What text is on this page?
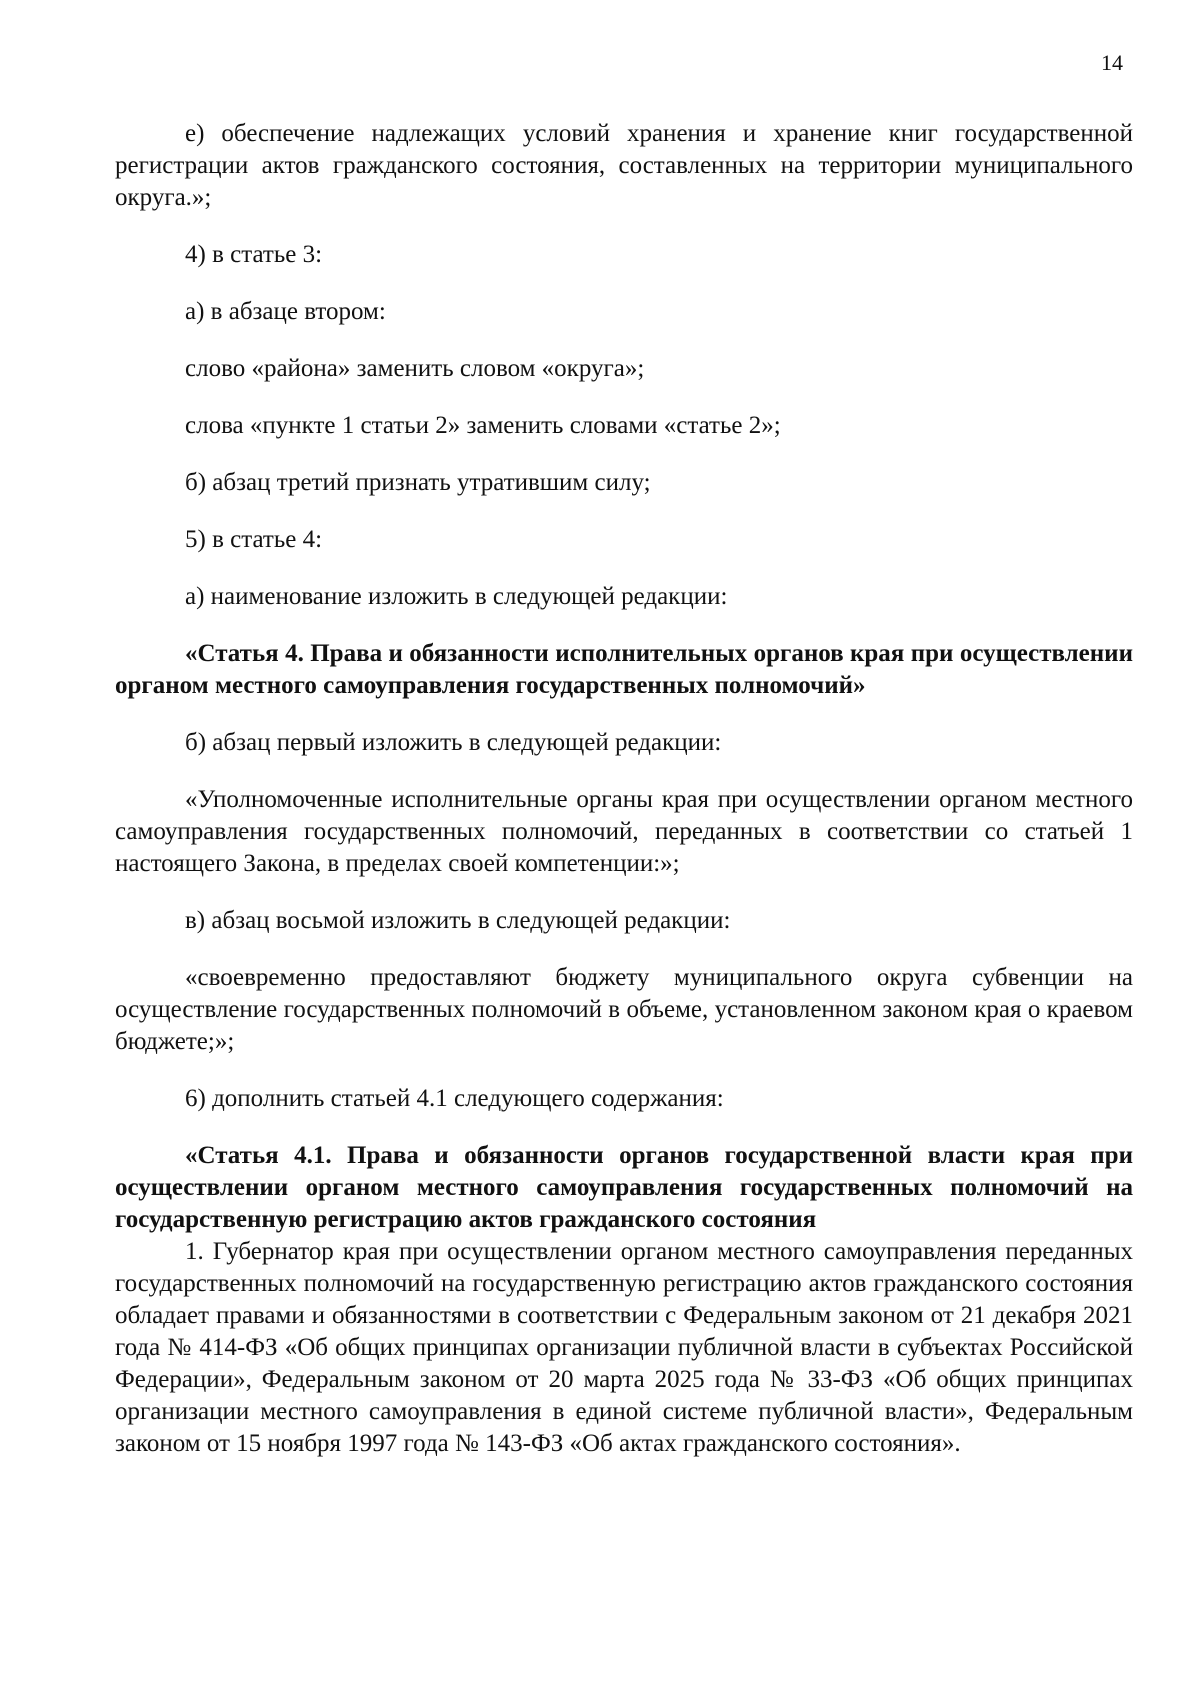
14

е) обеспечение надлежащих условий хранения и хранение книг государственной регистрации актов гражданского состояния, составленных на территории муниципального округа.»;

4) в статье 3:

а) в абзаце втором:

слово «района» заменить словом «округа»;

слова «пункте 1 статьи 2» заменить словами «статье 2»;

б) абзац третий признать утратившим силу;

5) в статье 4:

а) наименование изложить в следующей редакции:

«Статья 4. Права и обязанности исполнительных органов края при осуществлении органом местного самоуправления государственных полномочий»

б) абзац первый изложить в следующей редакции:

«Уполномоченные исполнительные органы края при осуществлении органом местного самоуправления государственных полномочий, переданных в соответствии со статьей 1 настоящего Закона, в пределах своей компетенции:»;

в) абзац восьмой изложить в следующей редакции:

«своевременно предоставляют бюджету муниципального округа субвенции на осуществление государственных полномочий в объеме, установленном законом края о краевом бюджете;»;

6) дополнить статьей 4.1 следующего содержания:

«Статья 4.1. Права и обязанности органов государственной власти края при осуществлении органом местного самоуправления государственных полномочий на государственную регистрацию актов гражданского состояния

1. Губернатор края при осуществлении органом местного самоуправления переданных государственных полномочий на государственную регистрацию актов гражданского состояния обладает правами и обязанностями в соответствии с Федеральным законом от 21 декабря 2021 года № 414-ФЗ «Об общих принципах организации публичной власти в субъектах Российской Федерации», Федеральным законом от 20 марта 2025 года № 33-ФЗ «Об общих принципах организации местного самоуправления в единой системе публичной власти», Федеральным законом от 15 ноября 1997 года № 143-ФЗ «Об актах гражданского состояния».
